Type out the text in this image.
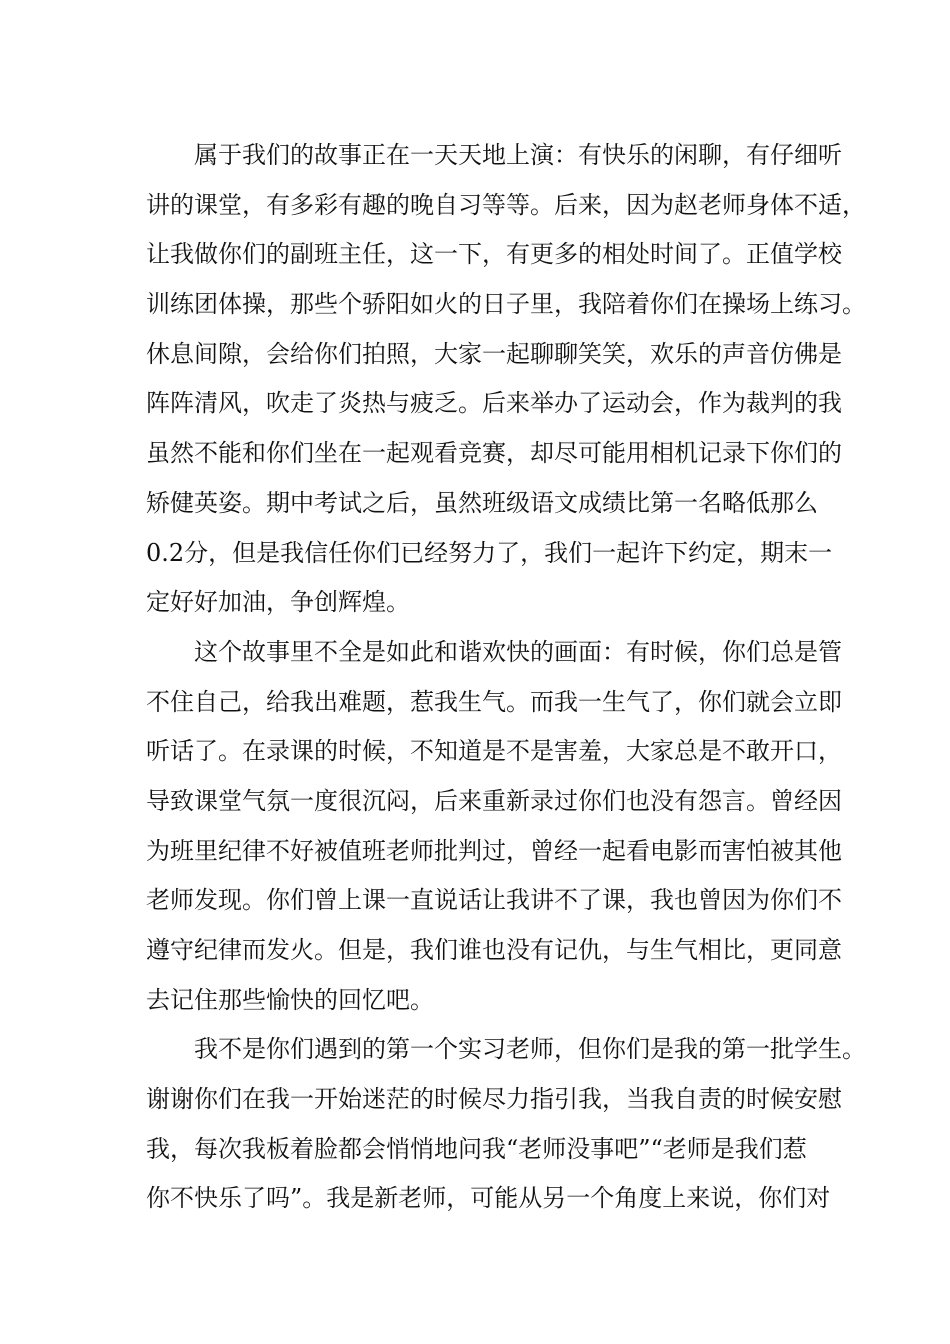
属于我们的故事正在一天天地上演：有快乐的闲聊，有仔细听
讲的课堂，有多彩有趣的晚自习等等。后来，因为赵老师身体不适，
让我做你们的副班主任，这一下，有更多的相处时间了。正值学校
训练团体操，那些个骄阳如火的日子里，我陪着你们在操场上练习。
休息间隙，会给你们拍照，大家一起聊聊笑笑，欢乐的声音仿佛是
阵阵清风，吹走了炎热与疲乏。后来举办了运动会，作为裁判的我
虽然不能和你们坐在一起观看竞赛，却尽可能用相机记录下你们的
矫健英姿。期中考试之后，虽然班级语文成绩比第一名略低那么
0.2分，但是我信任你们已经努力了，我们一起许下约定，期末一
定好好加油，争创辉煌。
这个故事里不全是如此和谐欢快的画面：有时候，你们总是管
不住自己，给我出难题，惹我生气。而我一生气了，你们就会立即
听话了。在录课的时候，不知道是不是害羞，大家总是不敢开口，
导致课堂气氛一度很沉闷，后来重新录过你们也没有怨言。曾经因
为班里纪律不好被值班老师批判过，曾经一起看电影而害怕被其他
老师发现。你们曾上课一直说话让我讲不了课，我也曾因为你们不
遵守纪律而发火。但是，我们谁也没有记仇，与生气相比，更同意
去记住那些愉快的回忆吧。
我不是你们遇到的第一个实习老师，但你们是我的第一批学生。
谢谢你们在我一开始迷茫的时候尽力指引我，当我自责的时候安慰
我，每次我板着脸都会悄悄地问我“老师没事吧”“老师是我们惹
你不快乐了吗”。我是新老师，可能从另一个角度上来说，你们对
